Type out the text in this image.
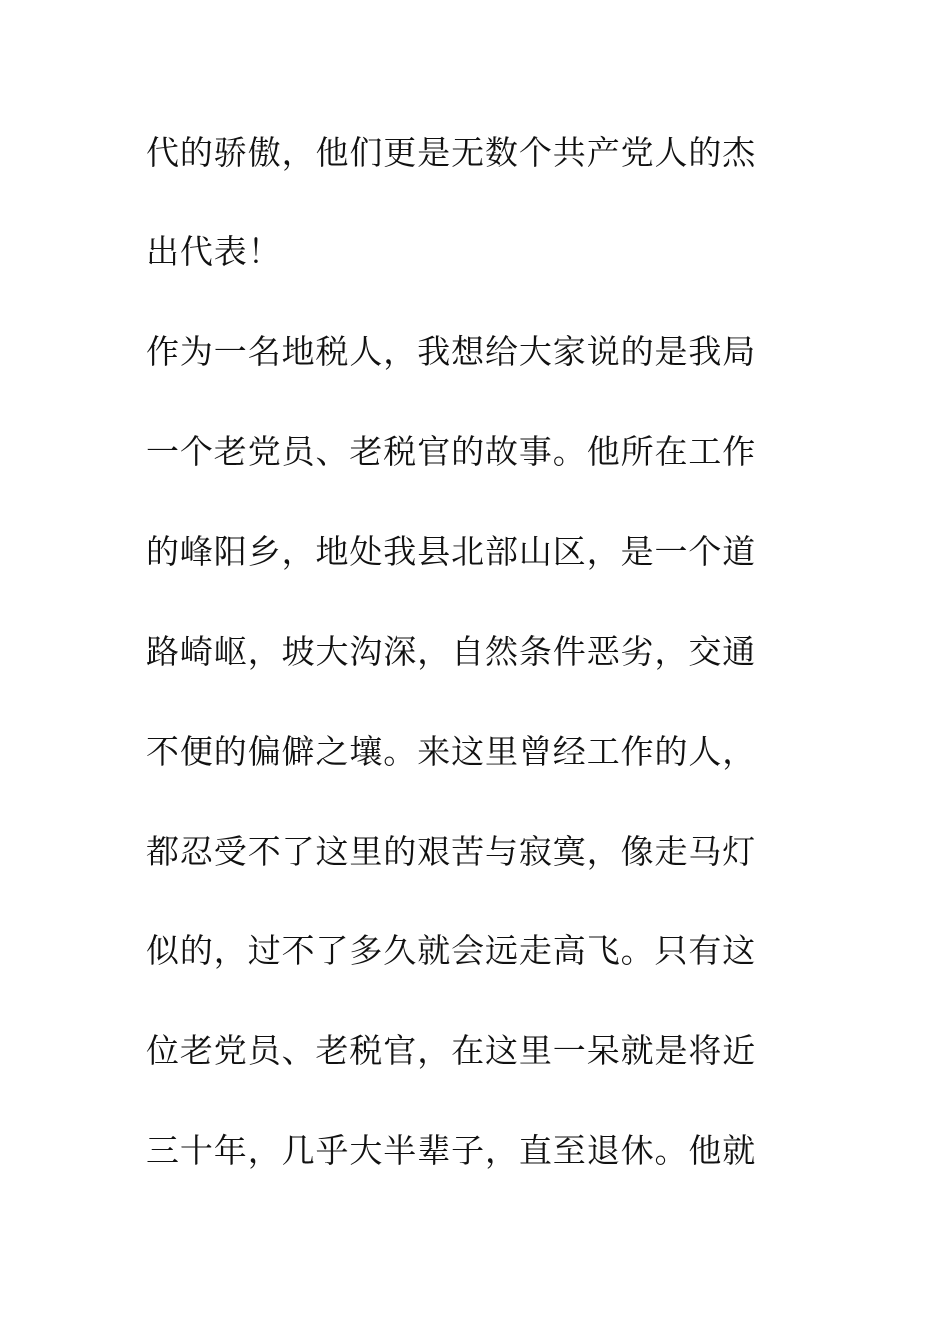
代的骄傲，他们更是无数个共产党人的杰
出代表！
作为一名地税人，我想给大家说的是我局
一个老党员、老税官的故事。他所在工作
的峰阳乡，地处我县北部山区，是一个道
路崎岖，坡大沟深，自然条件恶劣，交通
不便的偏僻之壤。来这里曾经工作的人，
都忍受不了这里的艰苦与寂寞，像走马灯
似的，过不了多久就会远走高飞。只有这
位老党员、老税官，在这里一呆就是将近
三十年，几乎大半辈子，直至退休。他就
